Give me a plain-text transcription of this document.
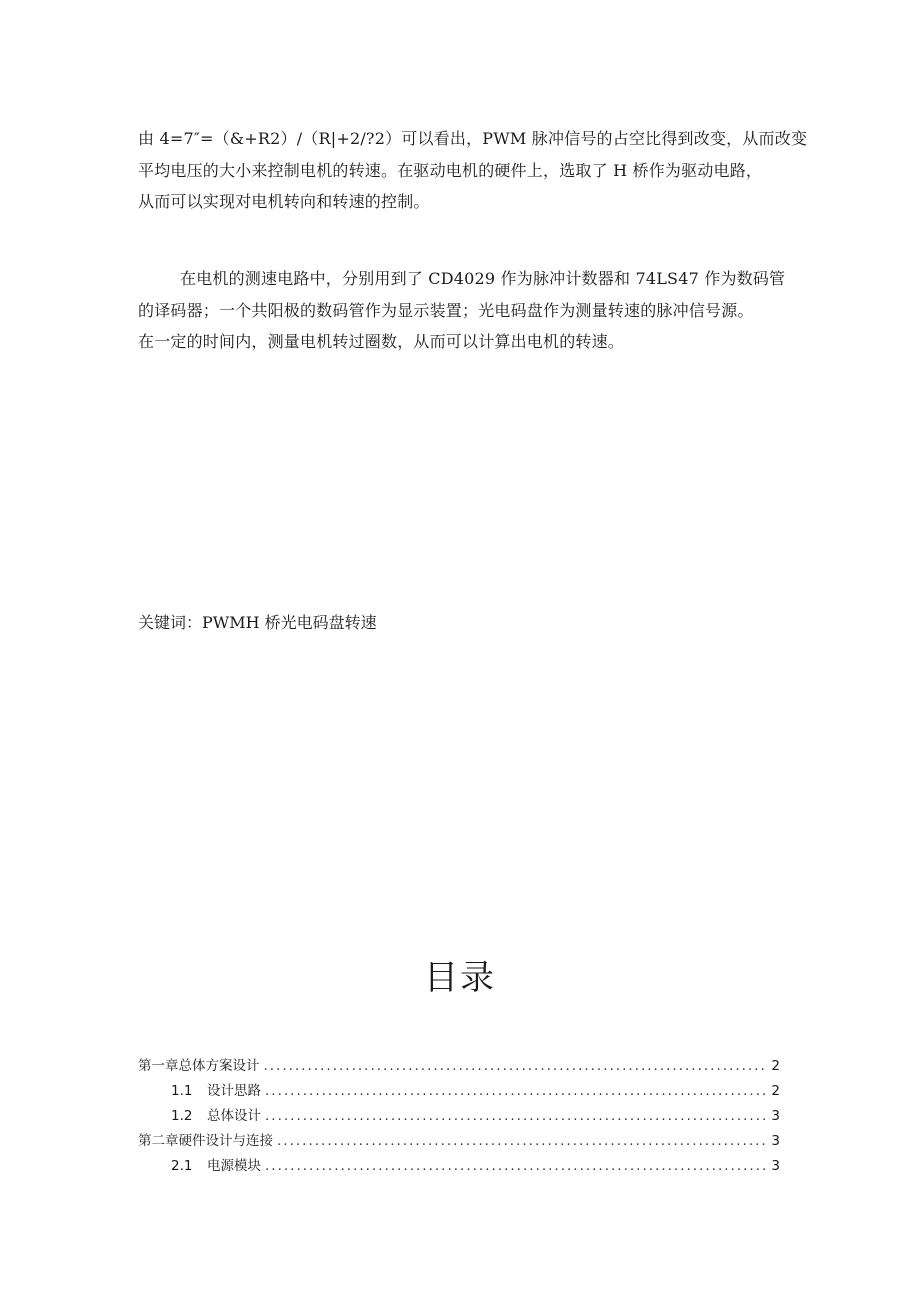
由 4=7″=（&+R2）/（R|+2/?2）可以看出，PWM 脉冲信号的占空比得到改变，从而改变
平均电压的大小来控制电机的转速。在驱动电机的硬件上，选取了 H 桥作为驱动电路，
从而可以实现对电机转向和转速的控制。

在电机的测速电路中，分别用到了 CD4029 作为脉冲计数器和 74LS47 作为数码管
的译码器；一个共阳极的数码管作为显示装置；光电码盘作为测量转速的脉冲信号源。
在一定的时间内，测量电机转过圈数，从而可以计算出电机的转速。

关键词：PWMH 桥光电码盘转速
目录
第一章总体方案设计 .....	2
1.1	设计思路 .....	2
1.2	总体设计 .....	3
第二章硬件设计与连接 .....	3
2.1	电源模块 .....	3
